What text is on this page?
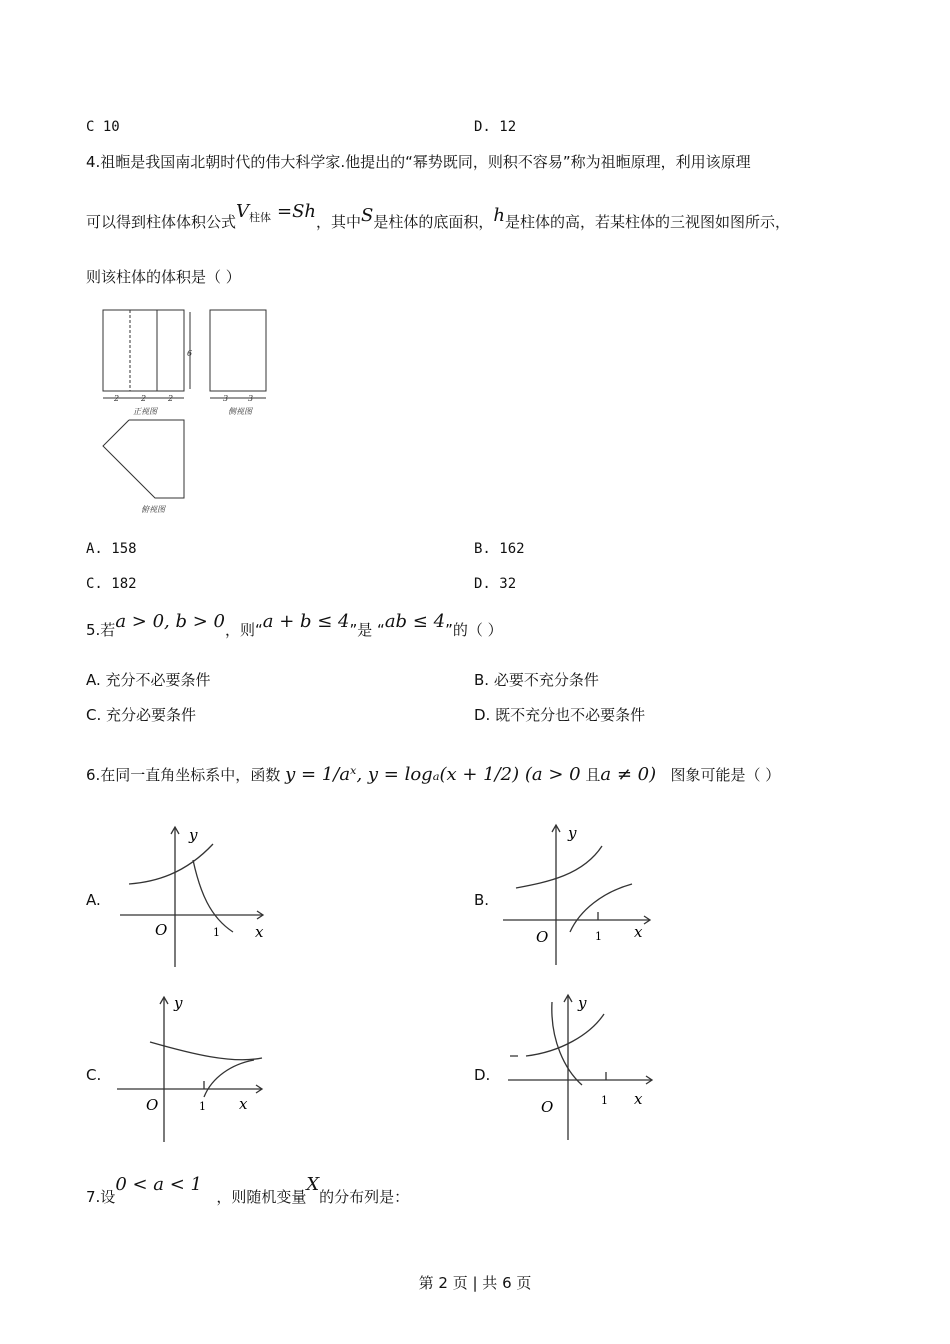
C 10	D. 12
4.祖暅是我国南北朝时代的伟大科学家.他提出的“幂势既同，则积不容易”称为祖暅原理，利用该原理
可以得到柱体体积公式$V^{柱体} =Sh$，其中S是柱体的底面积，h是柱体的高，若某柱体的三视图如图所示，
则该柱体的体积是（ ）
2	2	2
6
3 3
正视图	侧视图
俯视图
A. 158	B. 162
C. 182	D. 32
5.若a > 0, b > 0，则“a + b ≤ 4”是 “ab ≤ 4”的（ ）
A. 充分不必要条件	B. 必要不充分条件
C. 充分必要条件	D. 既不充分也不必要条件
6.在同一直角坐标系中，函数 y = 1/aˣ, y = logₐ(x + 1/2) (a > 0 且a ≠ 0) 图象可能是（ ）
A.	B.
C.	D.
y
x
O	1
y
x
O	1
y
x
O	1
y
x
O	1
7.设0 < a < 1   ，则随机变量X的分布列是：
第 2 页 | 共 6 页
